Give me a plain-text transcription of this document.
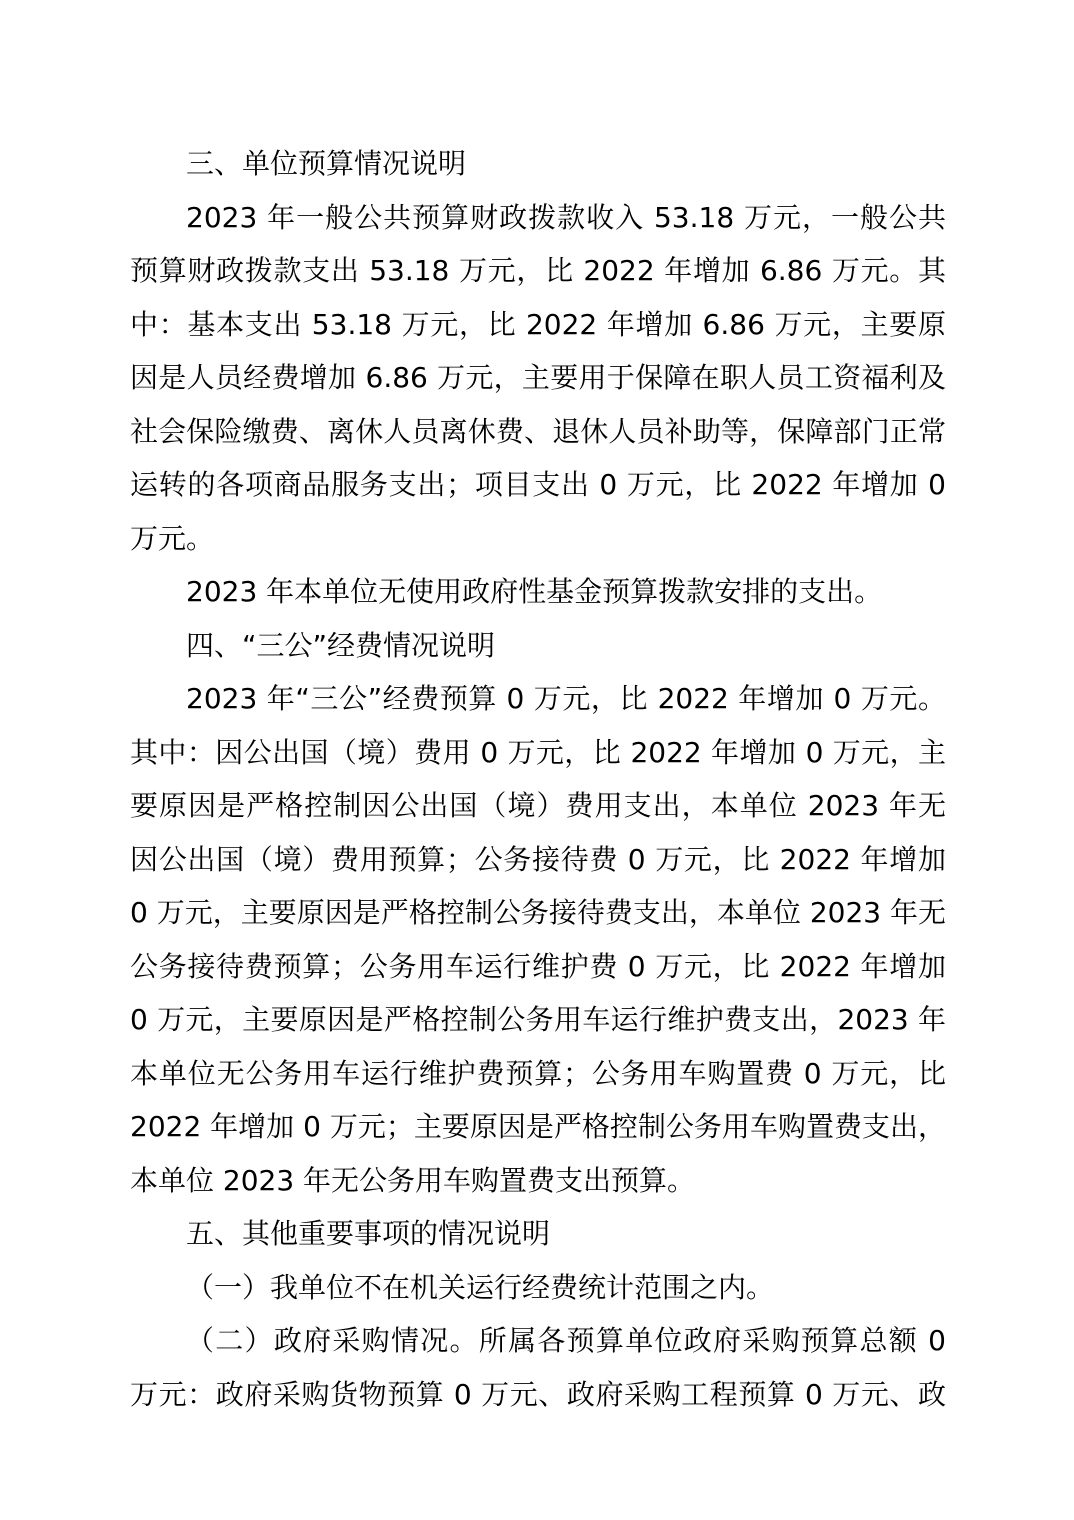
三、单位预算情况说明

2023 年一般公共预算财政拨款收入 53.18 万元，一般公共预算财政拨款支出 53.18 万元，比 2022 年增加 6.86 万元。其中：基本支出 53.18 万元，比 2022 年增加 6.86 万元，主要原因是人员经费增加 6.86 万元，主要用于保障在职人员工资福利及社会保险缴费、离休人员离休费、退休人员补助等，保障部门正常运转的各项商品服务支出；项目支出 0 万元，比 2022 年增加 0 万元。

2023 年本单位无使用政府性基金预算拨款安排的支出。

四、“三公”经费情况说明

2023 年“三公”经费预算 0 万元，比 2022 年增加 0 万元。其中：因公出国（境）费用 0 万元，比 2022 年增加 0 万元，主要原因是严格控制因公出国（境）费用支出，本单位 2023 年无因公出国（境）费用预算；公务接待费 0 万元，比 2022 年增加 0 万元，主要原因是严格控制公务接待费支出，本单位 2023 年无公务接待费预算；公务用车运行维护费 0 万元，比 2022 年增加 0 万元，主要原因是严格控制公务用车运行维护费支出，2023 年本单位无公务用车运行维护费预算；公务用车购置费 0 万元，比 2022 年增加 0 万元；主要原因是严格控制公务用车购置费支出，本单位 2023 年无公务用车购置费支出预算。

五、其他重要事项的情况说明

（一）我单位不在机关运行经费统计范围之内。

（二）政府采购情况。所属各预算单位政府采购预算总额 0 万元：政府采购货物预算 0 万元、政府采购工程预算 0 万元、政
